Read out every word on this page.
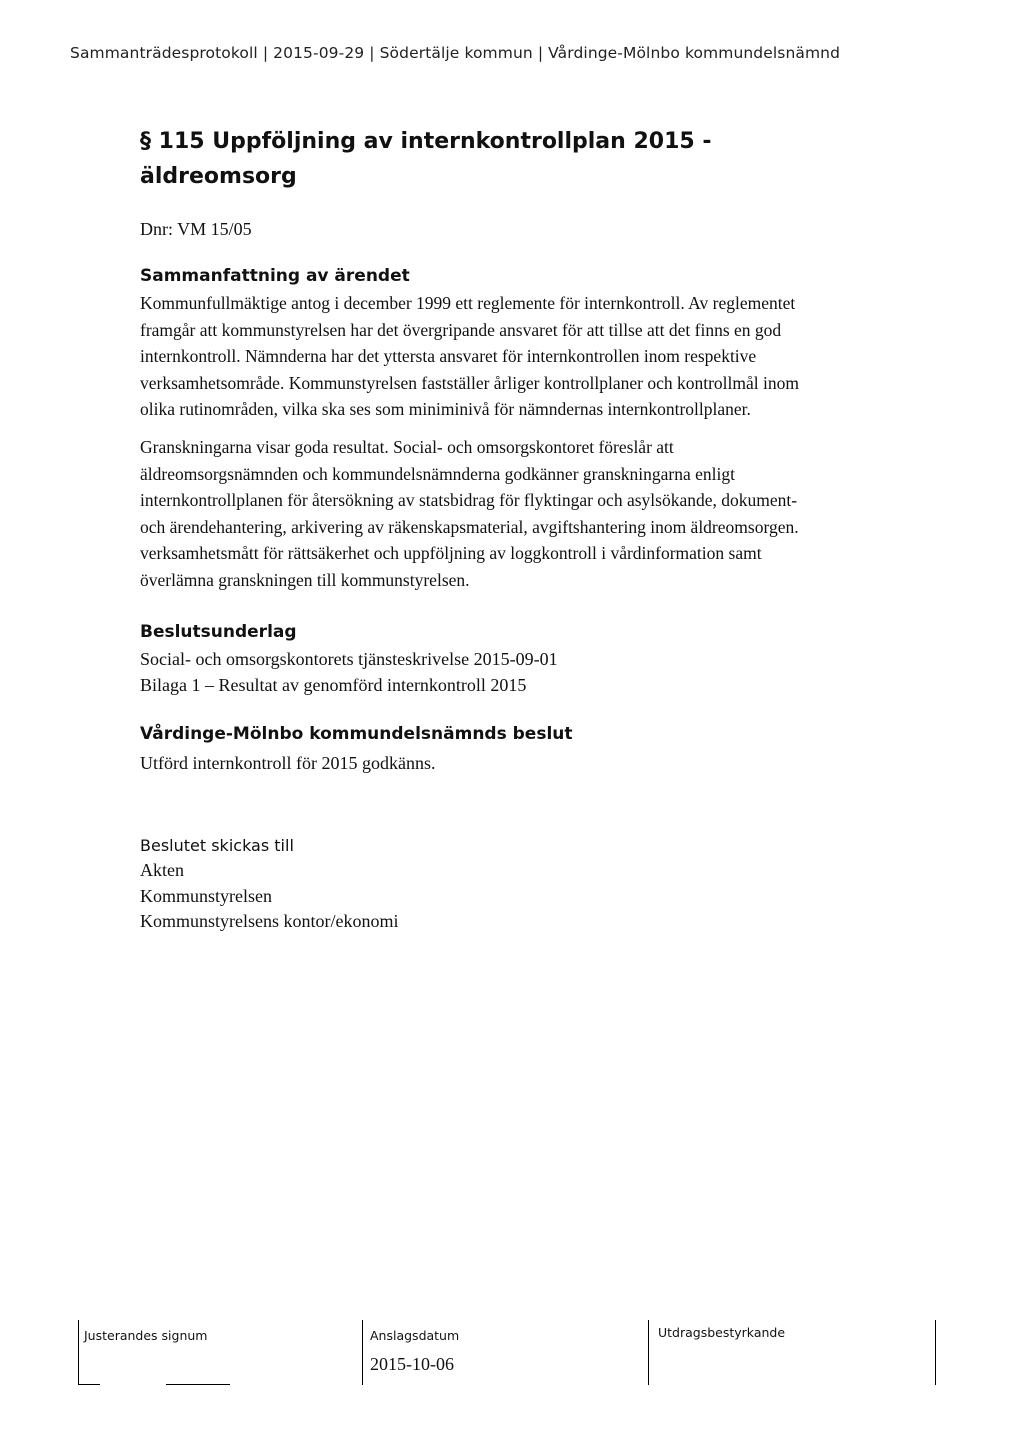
Sammanträdesprotokoll | 2015-09-29 | Södertälje kommun | Vårdinge-Mölnbo kommundelsnämnd
§ 115 Uppföljning av internkontrollplan 2015 -
äldreomsorg
Dnr: VM 15/05
Sammanfattning av ärendet
Kommunfullmäktige antog i december 1999 ett reglemente för internkontroll. Av reglementet
framgår att kommunstyrelsen har det övergripande ansvaret för att tillse att det finns en god
internkontroll. Nämnderna har det yttersta ansvaret för internkontrollen inom respektive
verksamhetsområde. Kommunstyrelsen fastställer årliger kontrollplaner och kontrollmål inom
olika rutinområden, vilka ska ses som miniminivå för nämndernas internkontrollplaner.
Granskningarna visar goda resultat. Social- och omsorgskontoret föreslår att
äldreomsorgsnämnden och kommundelsnämnderna godkänner granskningarna enligt
internkontrollplanen för återsökning av statsbidrag för flyktingar och asylsökande, dokument-
och ärendehantering, arkivering av räkenskapsmaterial, avgiftshantering inom äldreomsorgen.
verksamhetsmått för rättsäkerhet och uppföljning av loggkontroll i vårdinformation samt
överlämna granskningen till kommunstyrelsen.
Beslutsunderlag
Social- och omsorgskontorets tjänsteskrivelse 2015-09-01
Bilaga 1 – Resultat av genomförd internkontroll 2015
Vårdinge-Mölnbo kommundelsnämnds beslut
Utförd internkontroll för 2015 godkänns.
Beslutet skickas till
Akten
Kommunstyrelsen
Kommunstyrelsens kontor/ekonomi
Justerandes signum	Anslagsdatum
2015-10-06
Utdragsbestyrkande
